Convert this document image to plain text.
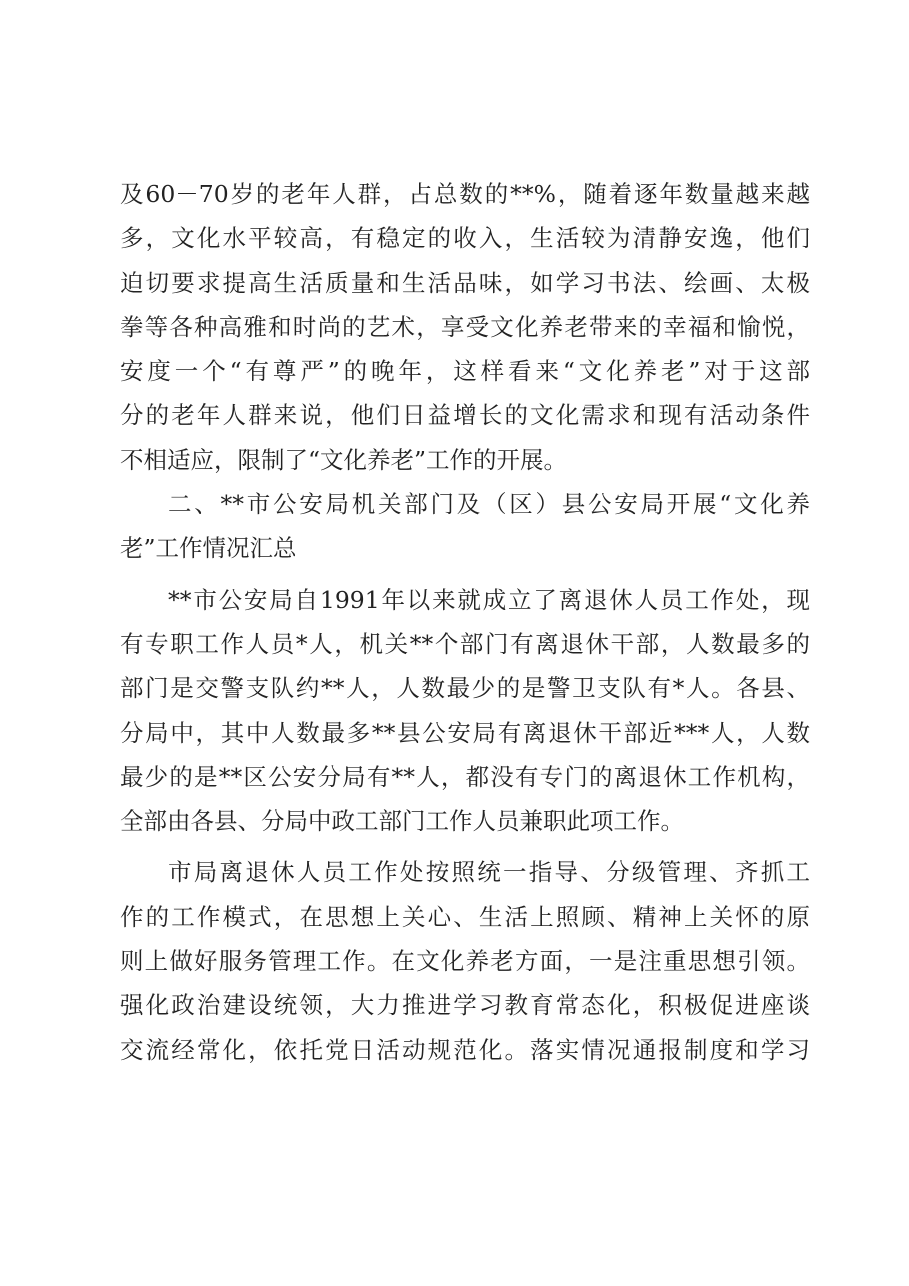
及60－70岁的老年人群，占总数的**%，随着逐年数量越来越
多，文化水平较高，有稳定的收入，生活较为清静安逸，他们
迫切要求提高生活质量和生活品味，如学习书法、绘画、太极
拳等各种高雅和时尚的艺术，享受文化养老带来的幸福和愉悦，
安度一个“有尊严”的晚年，这样看来“文化养老”对于这部
分的老年人群来说，他们日益增长的文化需求和现有活动条件
不相适应，限制了“文化养老”工作的开展。
二、**市公安局机关部门及（区）县公安局开展“文化养
老”工作情况汇总
**市公安局自1991年以来就成立了离退休人员工作处，现
有专职工作人员*人，机关**个部门有离退休干部，人数最多的
部门是交警支队约**人，人数最少的是警卫支队有*人。各县、
分局中，其中人数最多**县公安局有离退休干部近***人，人数
最少的是**区公安分局有**人，都没有专门的离退休工作机构，
全部由各县、分局中政工部门工作人员兼职此项工作。
市局离退休人员工作处按照统一指导、分级管理、齐抓工
作的工作模式，在思想上关心、生活上照顾、精神上关怀的原
则上做好服务管理工作。在文化养老方面，一是注重思想引领。
强化政治建设统领，大力推进学习教育常态化，积极促进座谈
交流经常化，依托党日活动规范化。落实情况通报制度和学习
